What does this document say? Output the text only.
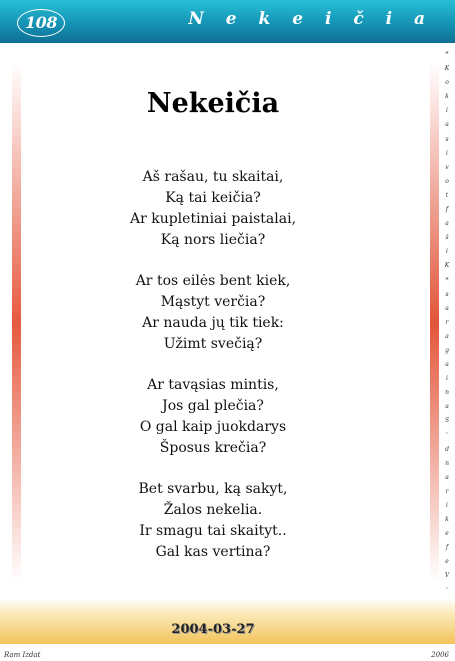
108	N e k e i č i a
*
K
o
k
i
a
s
i
v
o
t
f
a
š
i
K
*
s
a
r
a
g
a
i
n
a
S
'
d
n
a
r
i
k
e
f
e
V
'
Nekeičia
Aš rašau, tu skaitai,
Ką tai keičia?
Ar kupletiniai paistalai,
Ką nors liečia?
Ar tos eilės bent kiek,
Mąstyt verčia?
Ar nauda jų tik tiek:
Užimt svečią?
Ar tavąsias mintis,
Jos gal plečia?
O gal kaip juokdarys
Šposus krečia?
Bet svarbu, ką sakyt,
Žalos nekelia.
Ir smagu tai skaityt..
Gal kas vertina?
2004-03-27
Ram Izdat	2006
